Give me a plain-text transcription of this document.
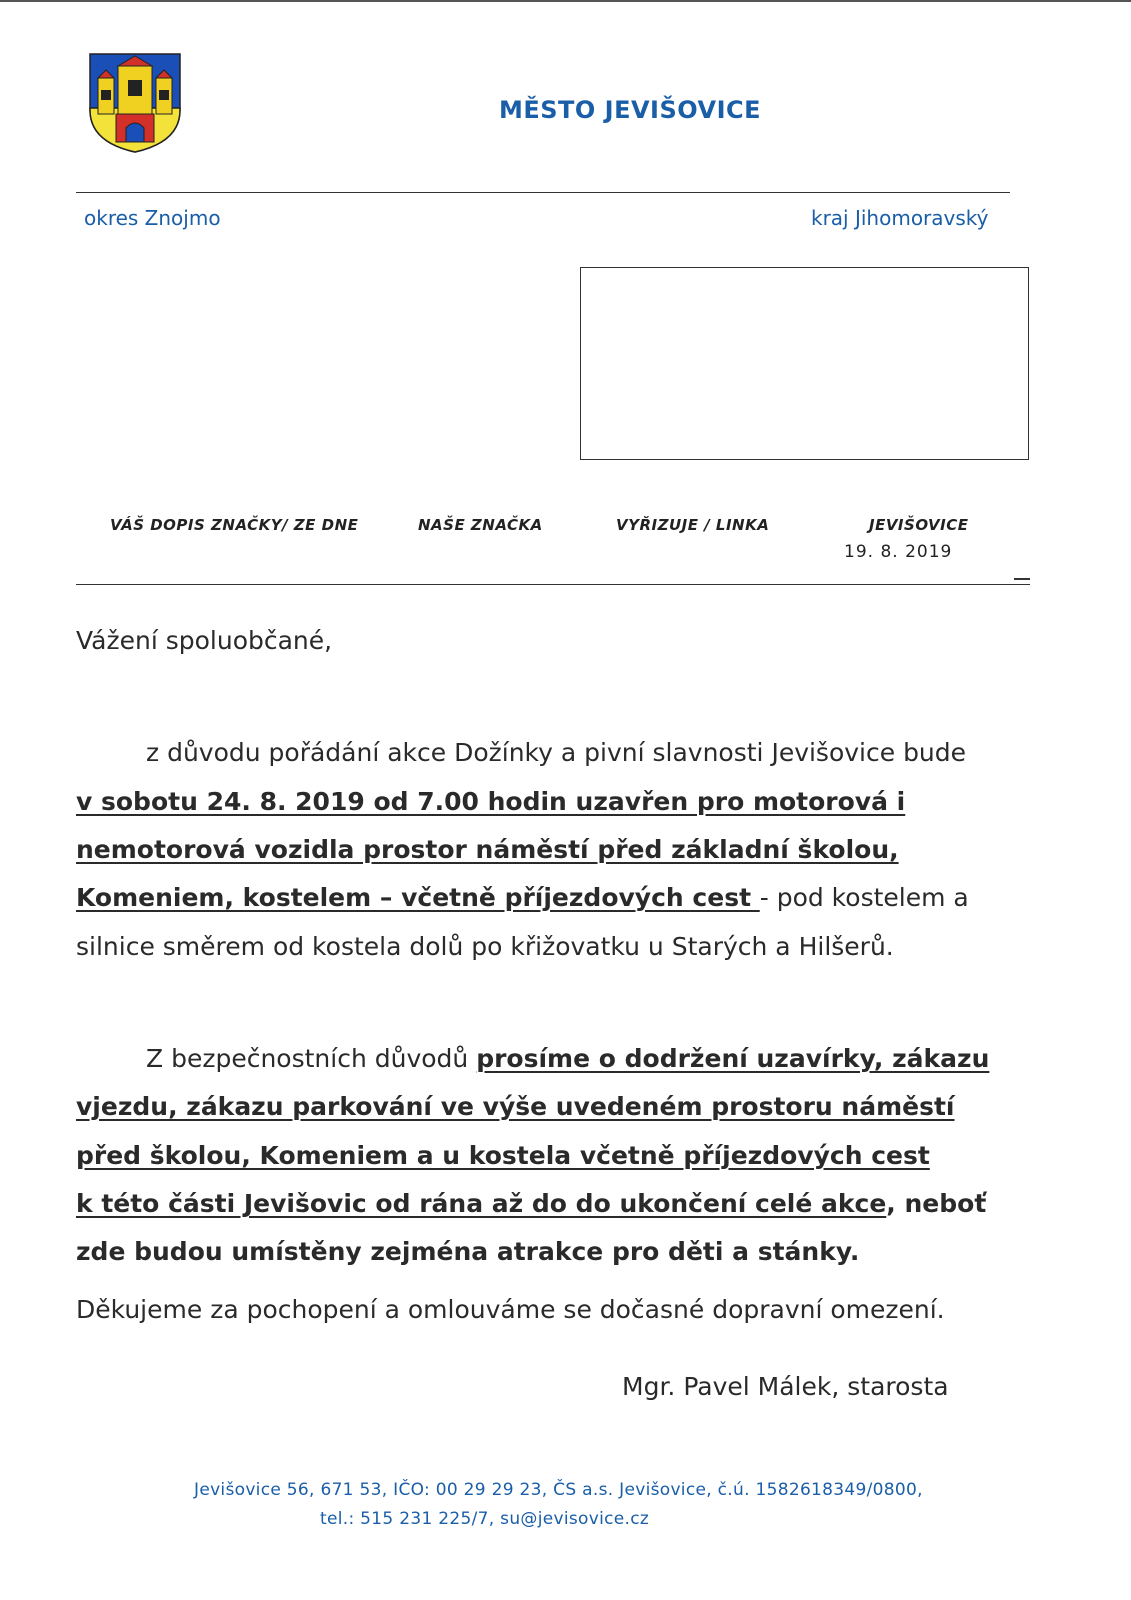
MĚSTO JEVIŠOVICE
okres Znojmo	kraj Jihomoravský
VÁŠ DOPIS ZNAČKY/ ZE DNE	NAŠE ZNAČKA	VYŘIZUJE / LINKA	JEVIŠOVICE
19. 8. 2019
Vážení spoluobčané,
z důvodu pořádání akce Dožínky a pivní slavnosti Jevišovice bude
v sobotu 24. 8. 2019 od 7.00 hodin uzavřen pro motorová i
nemotorová vozidla prostor náměstí před základní školou,
Komeniem, kostelem – včetně příjezdových cest - pod kostelem a
silnice směrem od kostela dolů po křižovatku u Starých a Hilšerů.
Z bezpečnostních důvodů prosíme o dodržení uzavírky, zákazu
vjezdu, zákazu parkování ve výše uvedeném prostoru náměstí
před školou, Komeniem a u kostela včetně příjezdových cest
k této části Jevišovic od rána až do do ukončení celé akce, neboť
zde budou umístěny zejména atrakce pro děti a stánky.
Děkujeme za pochopení a omlouváme se dočasné dopravní omezení.
Mgr. Pavel Málek, starosta
Jevišovice 56, 671 53, IČO: 00 29 29 23, ČS a.s. Jevišovice, č.ú. 1582618349/0800,
tel.: 515 231 225/7, su@jevisovice.cz
